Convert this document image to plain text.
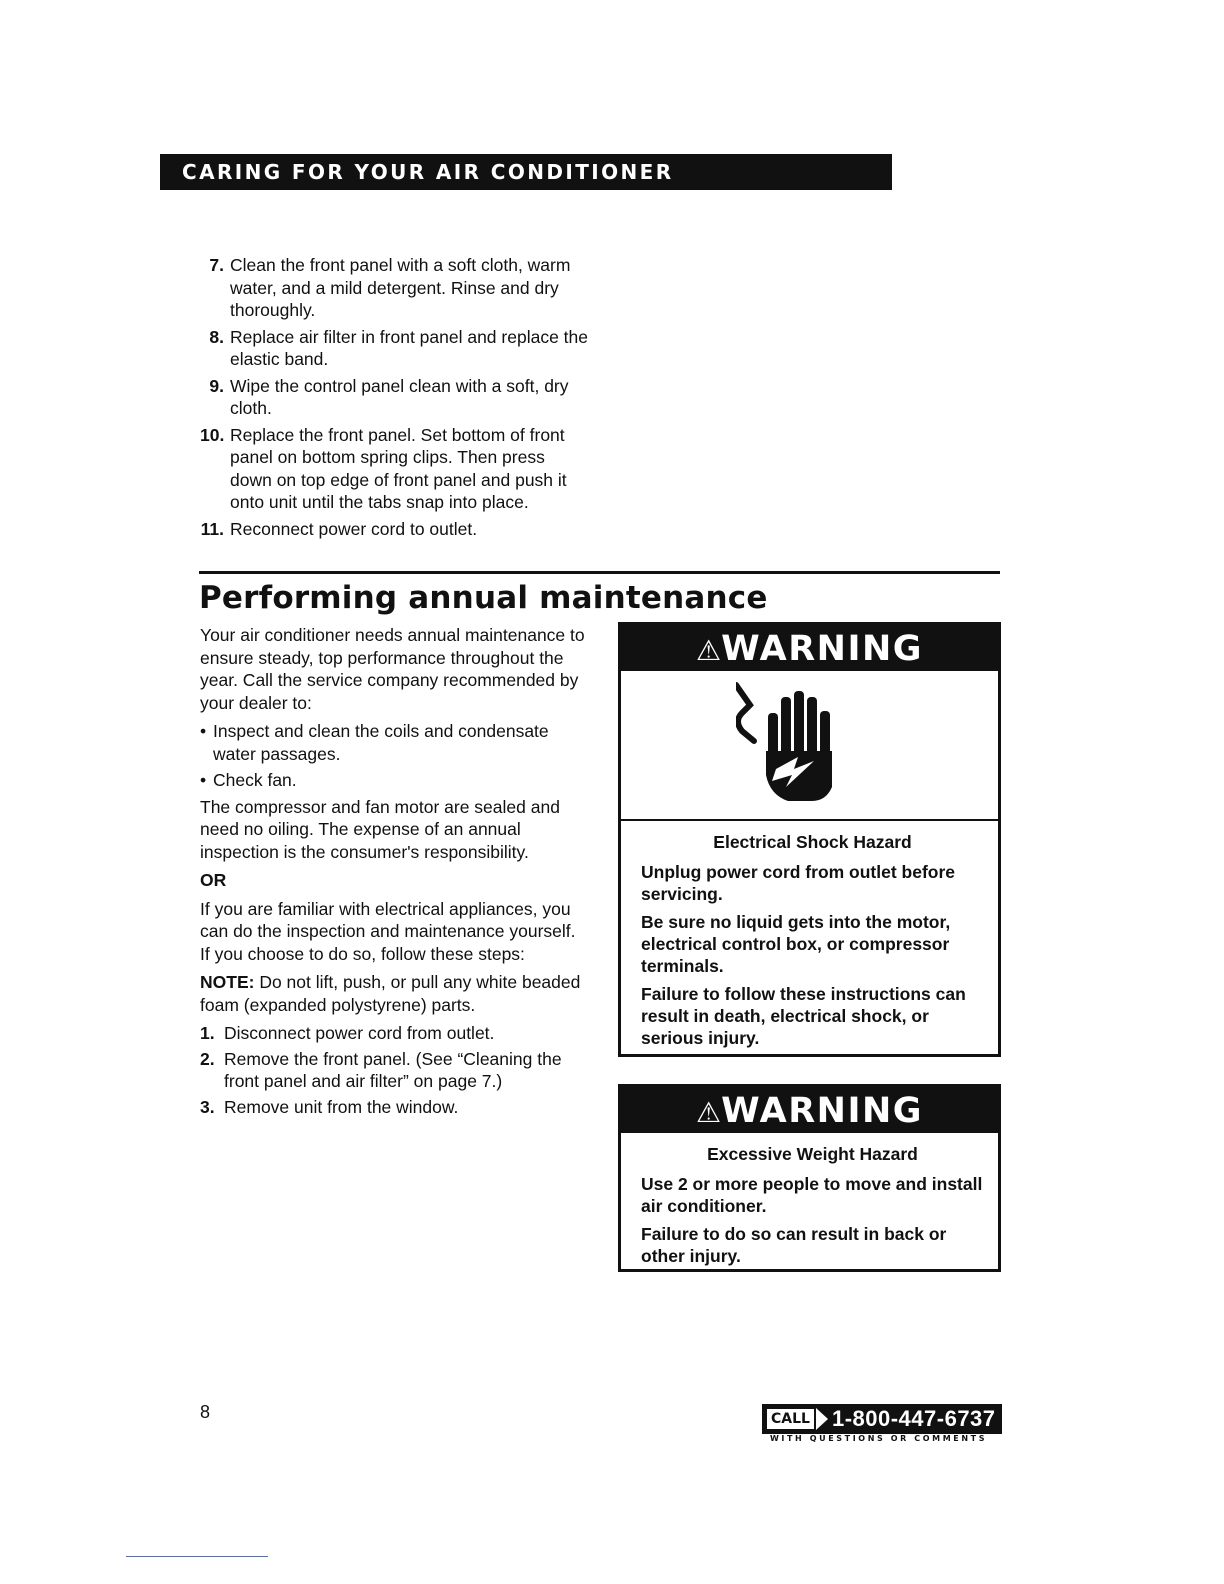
CARING FOR YOUR AIR CONDITIONER
7. Clean the front panel with a soft cloth, warm water, and a mild detergent. Rinse and dry thoroughly.
8. Replace air filter in front panel and replace the elastic band.
9. Wipe the control panel clean with a soft, dry cloth.
10. Replace the front panel. Set bottom of front panel on bottom spring clips. Then press down on top edge of front panel and push it onto unit until the tabs snap into place.
11. Reconnect power cord to outlet.
Performing annual maintenance

Your air conditioner needs annual maintenance to ensure steady, top performance throughout the year. Call the service company recommended by your dealer to:

• Inspect and clean the coils and condensate water passages.
• Check fan.

The compressor and fan motor are sealed and need no oiling. The expense of an annual inspection is the consumer's responsibility.

OR

If you are familiar with electrical appliances, you can do the inspection and maintenance yourself. If you choose to do so, follow these steps:

NOTE: Do not lift, push, or pull any white beaded foam (expanded polystyrene) parts.

1. Disconnect power cord from outlet.
2. Remove the front panel. (See “Cleaning the front panel and air filter” on page 7.)
3. Remove unit from the window.
⚠WARNING
Electrical Shock Hazard

Unplug power cord from outlet before servicing.

Be sure no liquid gets into the motor, electrical control box, or compressor terminals.

Failure to follow these instructions can result in death, electrical shock, or serious injury.

⚠WARNING
Excessive Weight Hazard

Use 2 or more people to move and install air conditioner.

Failure to do so can result in back or other injury.

8	CALL 1-800-447-6737
WITH QUESTIONS OR COMMENTS
